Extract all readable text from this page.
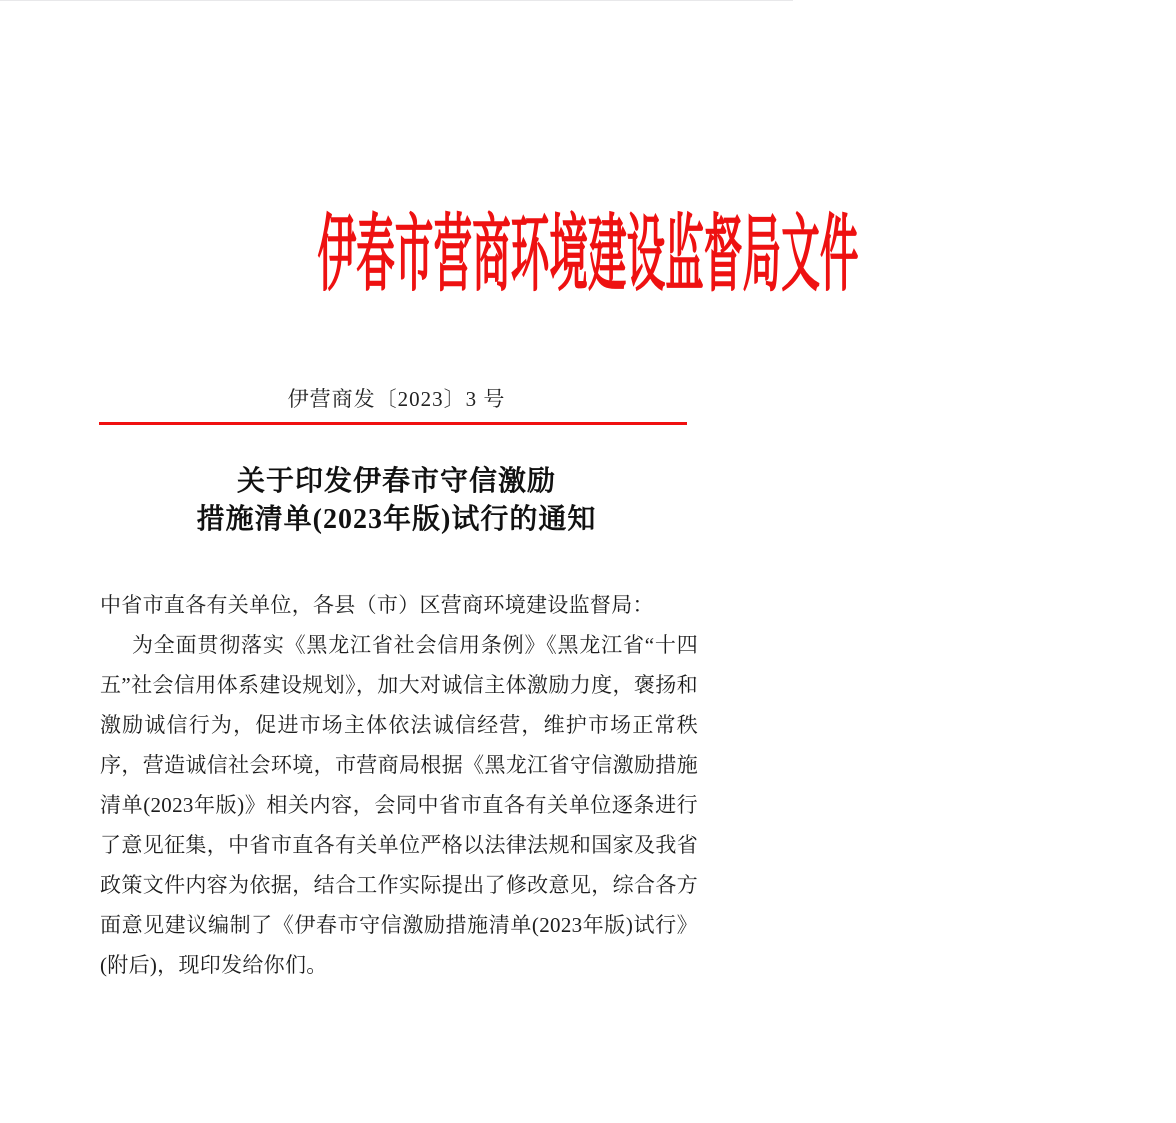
伊春市营商环境建设监督局文件
伊营商发〔2023〕3 号
关于印发伊春市守信激励
措施清单(2023年版)试行的通知

中省市直各有关单位，各县（市）区营商环境建设监督局：

为全面贯彻落实《黑龙江省社会信用条例》《黑龙江省“十四五”社会信用体系建设规划》，加大对诚信主体激励力度，褒扬和激励诚信行为，促进市场主体依法诚信经营，维护市场正常秩序，营造诚信社会环境，市营商局根据《黑龙江省守信激励措施清单(2023年版)》相关内容，会同中省市直各有关单位逐条进行了意见征集，中省市直各有关单位严格以法律法规和国家及我省政策文件内容为依据，结合工作实际提出了修改意见，综合各方面意见建议编制了《伊春市守信激励措施清单(2023年版)试行》(附后)，现印发给你们。
